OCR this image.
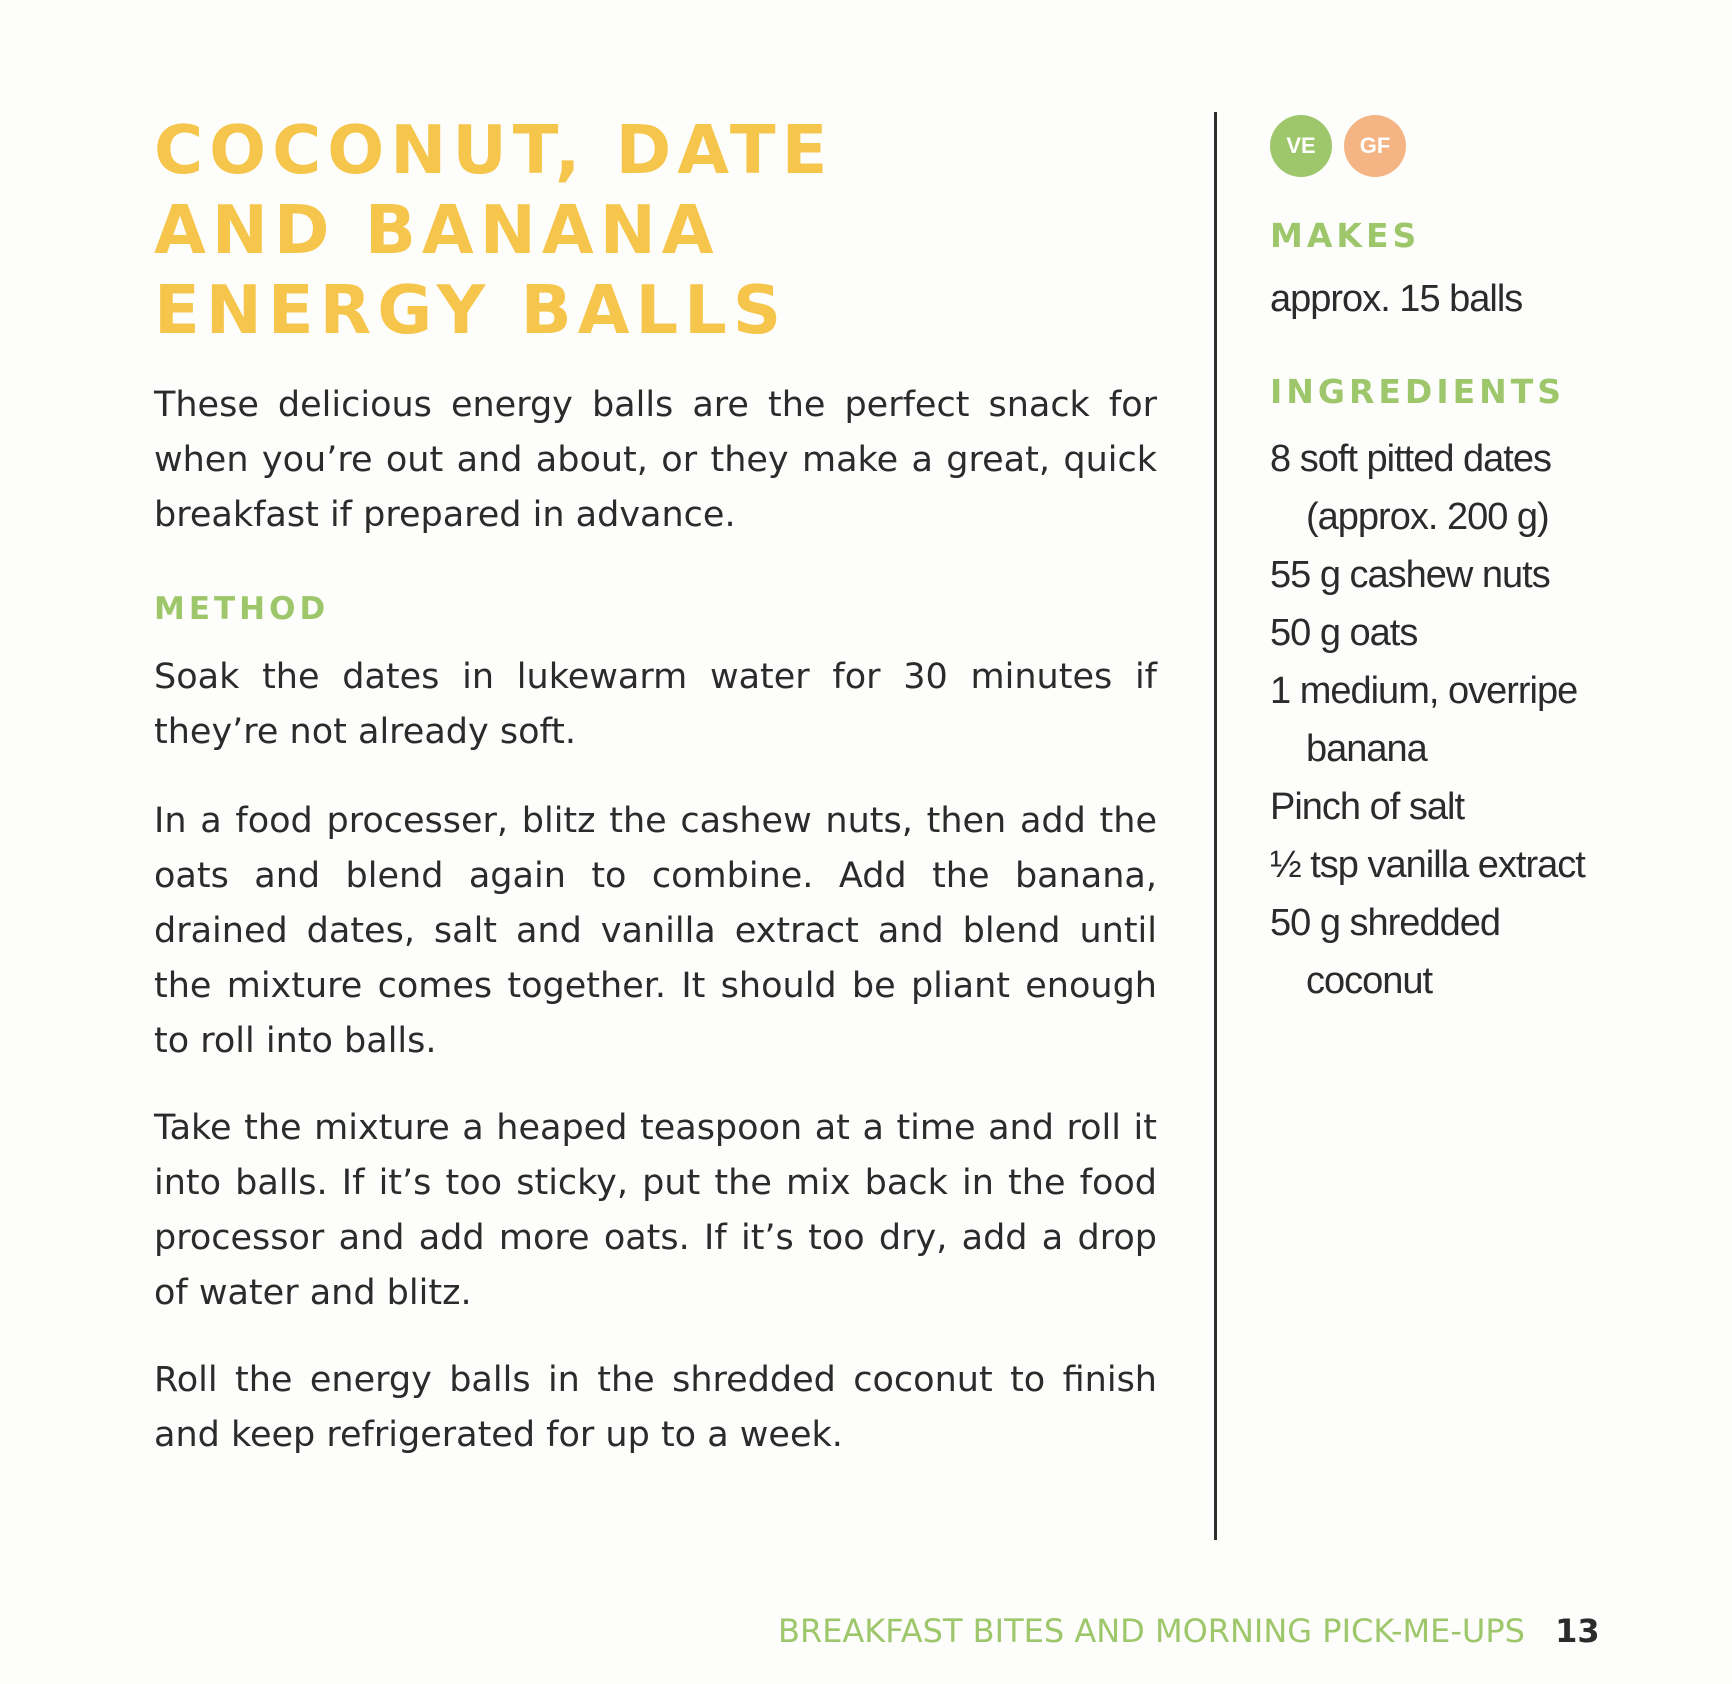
COCONUT, DATE
AND BANANA
ENERGY BALLS

These delicious energy balls are the perfect snack for when you’re out and about, or they make a great, quick breakfast if prepared in advance.

METHOD

Soak the dates in lukewarm water for 30 minutes if they’re not already soft.

In a food processer, blitz the cashew nuts, then add the oats and blend again to combine. Add the banana, drained dates, salt and vanilla extract and blend until the mixture comes together. It should be pliant enough to roll into balls.

Take the mixture a heaped teaspoon at a time and roll it into balls. If it’s too sticky, put the mix back in the food processor and add more oats. If it’s too dry, add a drop of water and blitz.

Roll the energy balls in the shredded coconut to finish and keep refrigerated for up to a week.

VE	GF
MAKES

approx. 15 balls

INGREDIENTS
8 soft pitted dates (approx. 200 g)
55 g cashew nuts
50 g oats
1 medium, overripe banana
Pinch of salt
½ tsp vanilla extract
50 g shredded coconut
BREAKFAST BITES AND MORNING PICK-ME-UPS 13
